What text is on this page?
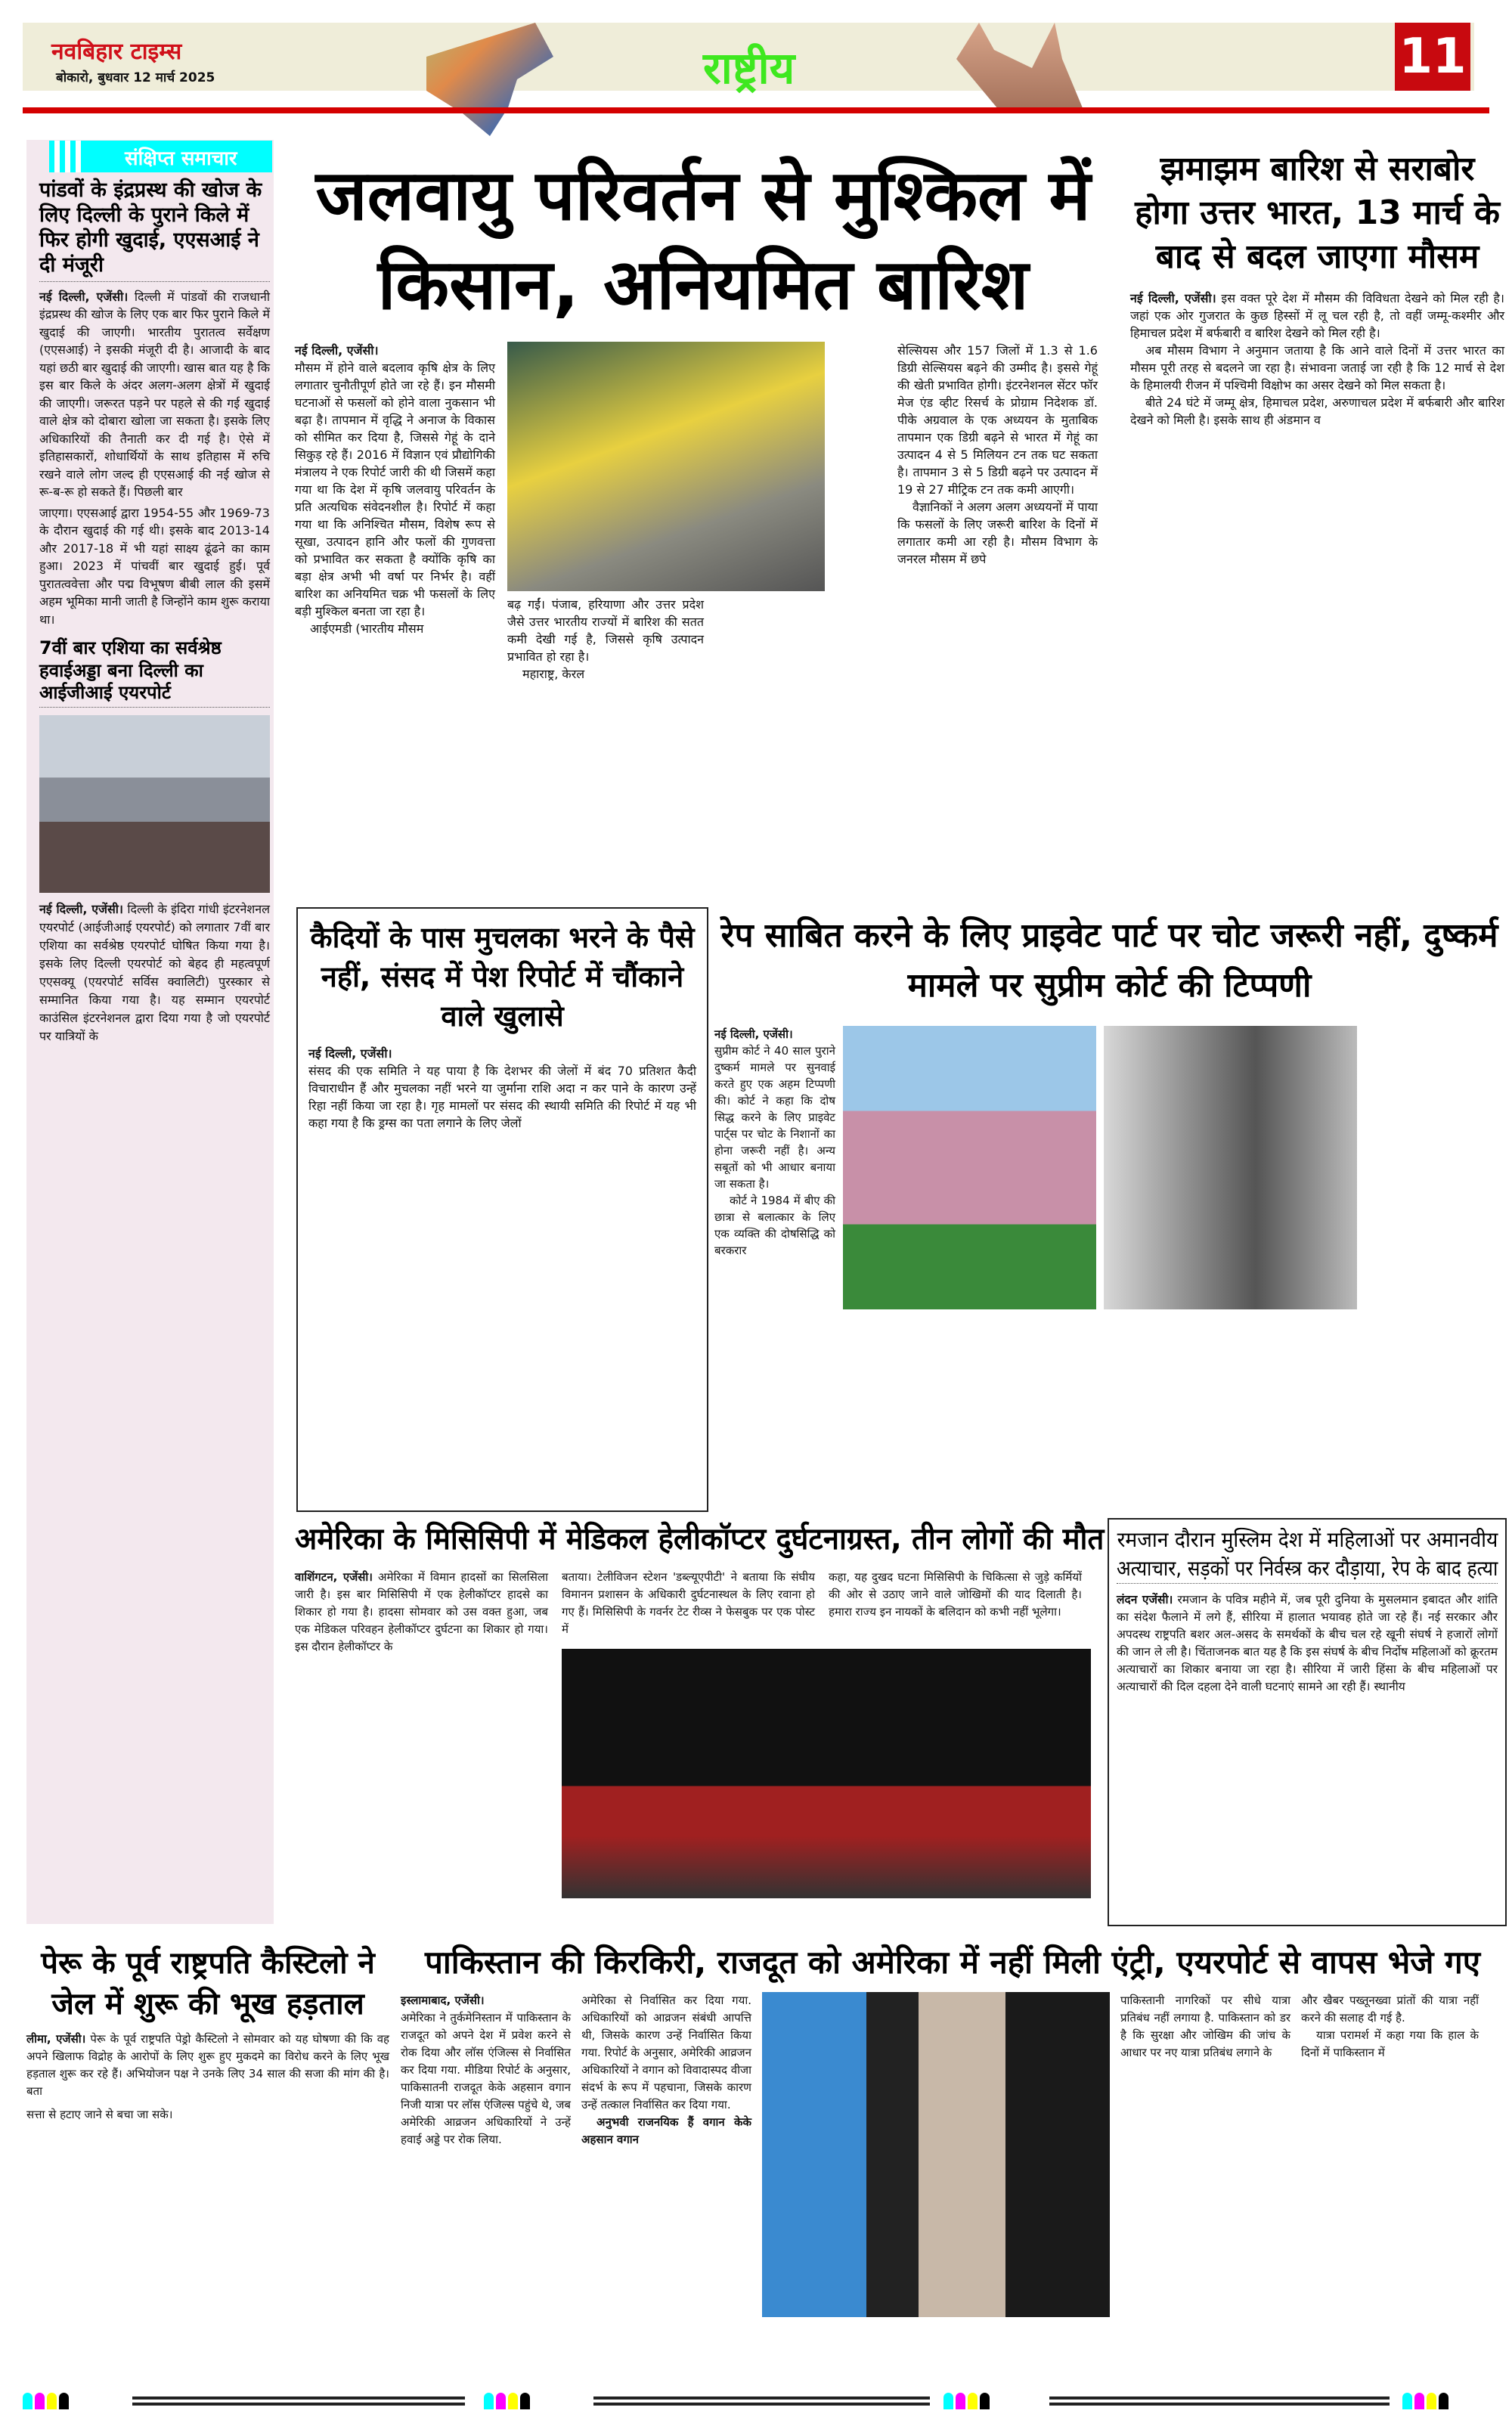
नवबिहार टाइम्स
बोकारो, बुधवार 12 मार्च 2025	राष्ट्रीय	11
संक्षिप्त समाचार
पांडवों के इंद्रप्रस्थ की खोज के लिए दिल्ली के पुराने किले में फिर होगी खुदाई, एएसआई ने दी मंजूरी

नई दिल्ली, एजेंसी। दिल्ली में पांडवों की राजधानी इंद्रप्रस्थ की खोज के लिए एक बार फिर पुराने किले में खुदाई की जाएगी। भारतीय पुरातत्व सर्वेक्षण (एएसआई) ने इसकी मंजूरी दी है। आजादी के बाद यहां छठी बार खुदाई की जाएगी। खास बात यह है कि इस बार किले के अंदर अलग-अलग क्षेत्रों में खुदाई की जाएगी। जरूरत पड़ने पर पहले से की गई खुदाई वाले क्षेत्र को दोबारा खोला जा सकता है। इसके लिए अधिकारियों की तैनाती कर दी गई है। ऐसे में इतिहासकारों, शोधार्थियों के साथ इतिहास में रुचि रखने वाले लोग जल्द ही एएसआई की नई खोज से रू-ब-रू हो सकते हैं। पिछली बार

जाएगा। एएसआई द्वारा 1954-55 और 1969-73 के दौरान खुदाई की गई थी। इसके बाद 2013-14 और 2017-18 में भी यहां साक्ष्य ढूंढने का काम हुआ। 2023 में पांचवीं बार खुदाई हुई। पूर्व पुरातत्ववेत्ता और पद्म विभूषण बीबी लाल की इसमें अहम भूमिका मानी जाती है जिन्होंने काम शुरू कराया था।

7वीं बार एशिया का सर्वश्रेष्ठ हवाईअड्डा बना दिल्ली का आईजीआई एयरपोर्ट

नई दिल्ली, एजेंसी। दिल्ली के इंदिरा गांधी इंटरनेशनल एयरपोर्ट (आईजीआई एयरपोर्ट) को लगातार 7वीं बार एशिया का सर्वश्रेष्ठ एयरपोर्ट घोषित किया गया है। इसके लिए दिल्ली एयरपोर्ट को बेहद ही महत्वपूर्ण एएसक्यू (एयरपोर्ट सर्विस क्वालिटी) पुरस्कार से सम्मानित किया गया है। यह सम्मान एयरपोर्ट काउंसिल इंटरनेशनल द्वारा दिया गया है जो एयरपोर्ट पर यात्रियों के

जलवायु परिवर्तन से मुश्किल में
किसान, अनियमित बारिश
नई दिल्ली, एजेंसी।

मौसम में होने वाले बदलाव कृषि क्षेत्र के लिए लगातार चुनौतीपूर्ण होते जा रहे हैं। इन मौसमी घटनाओं से फसलों को होने वाला नुकसान भी बढ़ा है। तापमान में वृद्धि ने अनाज के विकास को सीमित कर दिया है, जिससे गेहूं के दाने सिकुड़ रहे हैं। 2016 में विज्ञान एवं प्रौद्योगिकी मंत्रालय ने एक रिपोर्ट जारी की थी जिसमें कहा गया था कि देश में कृषि जलवायु परिवर्तन के प्रति अत्यधिक संवेदनशील है। रिपोर्ट में कहा गया था कि अनिश्चित मौसम, विशेष रूप से सूखा, उत्पादन हानि और फलों की गुणवत्ता को प्रभावित कर सकता है क्योंकि कृषि का बड़ा क्षेत्र अभी भी वर्षा पर निर्भर है। वहीं बारिश का अनियमित चक्र भी फसलों के लिए बड़ी मुश्किल बनता जा रहा है।

आईएमडी (भारतीय मौसम

बढ़ गईं। पंजाब, हरियाणा और उत्तर प्रदेश जैसे उत्तर भारतीय राज्यों में बारिश की सतत कमी देखी गई है, जिससे कृषि उत्पादन प्रभावित हो रहा है।

महाराष्ट्र, केरल

सेल्सियस और 157 जिलों में 1.3 से 1.6 डिग्री सेल्सियस बढ़ने की उम्मीद है। इससे गेहूं की खेती प्रभावित होगी। इंटरनेशनल सेंटर फॉर मेज एंड व्हीट रिसर्च के प्रोग्राम निदेशक डॉ. पीके अग्रवाल के एक अध्ययन के मुताबिक तापमान एक डिग्री बढ़ने से भारत में गेहूं का उत्पादन 4 से 5 मिलियन टन तक घट सकता है। तापमान 3 से 5 डिग्री बढ़ने पर उत्पादन में 19 से 27 मीट्रिक टन तक कमी आएगी।

वैज्ञानिकों ने अलग अलग अध्ययनों में पाया कि फसलों के लिए जरूरी बारिश के दिनों में लगातार कमी आ रही है। मौसम विभाग के जनरल मौसम में छपे

झमाझम बारिश से सराबोर होगा उत्तर भारत, 13 मार्च के बाद से बदल जाएगा मौसम

नई दिल्ली, एजेंसी। इस वक्त पूरे देश में मौसम की विविधता देखने को मिल रही है। जहां एक ओर गुजरात के कुछ हिस्सों में लू चल रही है, तो वहीं जम्मू-कश्मीर और हिमाचल प्रदेश में बर्फबारी व बारिश देखने को मिल रही है।

अब मौसम विभाग ने अनुमान जताया है कि आने वाले दिनों में उत्तर भारत का मौसम पूरी तरह से बदलने जा रहा है। संभावना जताई जा रही है कि 12 मार्च से देश के हिमालयी रीजन में पश्चिमी विक्षोभ का असर देखने को मिल सकता है।

बीते 24 घंटे में जम्मू क्षेत्र, हिमाचल प्रदेश, अरुणाचल प्रदेश में बर्फबारी और बारिश देखने को मिली है। इसके साथ ही अंडमान व

कैदियों के पास मुचलका भरने के पैसे नहीं, संसद में पेश रिपोर्ट में चौंकाने वाले खुलासे
नई दिल्ली, एजेंसी।

संसद की एक समिति ने यह पाया है कि देशभर की जेलों में बंद 70 प्रतिशत कैदी विचाराधीन हैं और मुचलका नहीं भरने या जुर्माना राशि अदा न कर पाने के कारण उन्हें रिहा नहीं किया जा रहा है। गृह मामलों पर संसद की स्थायी समिति की रिपोर्ट में यह भी कहा गया है कि ड्रग्स का पता लगाने के लिए जेलों

रेप साबित करने के लिए प्राइवेट पार्ट पर चोट जरूरी नहीं, दुष्कर्म मामले पर सुप्रीम कोर्ट की टिप्पणी
नई दिल्ली, एजेंसी।

सुप्रीम कोर्ट ने 40 साल पुराने दुष्कर्म मामले पर सुनवाई करते हुए एक अहम टिप्पणी की। कोर्ट ने कहा कि दोष सिद्ध करने के लिए प्राइवेट पार्ट्स पर चोट के निशानों का होना जरूरी नहीं है। अन्य सबूतों को भी आधार बनाया जा सकता है।

कोर्ट ने 1984 में बीए की छात्रा से बलात्कार के लिए एक व्यक्ति की दोषसिद्धि को बरकरार

अमेरिका के मिसिसिपी में मेडिकल हेलीकॉप्टर दुर्घटनाग्रस्त, तीन लोगों की मौत

वाशिंगटन, एजेंसी। अमेरिका में विमान हादसों का सिलसिला जारी है। इस बार मिसिसिपी में एक हेलीकॉप्टर हादसे का शिकार हो गया है। हादसा सोमवार को उस वक्त हुआ, जब एक मेडिकल परिवहन हेलीकॉप्टर दुर्घटना का शिकार हो गया। इस दौरान हेलीकॉप्टर के

बताया। टेलीविजन स्टेशन 'डब्ल्यूएपीटी' ने बताया कि संघीय विमानन प्रशासन के अधिकारी दुर्घटनास्थल के लिए रवाना हो गए हैं। मिसिसिपी के गवर्नर टेट रीव्स ने फेसबुक पर एक पोस्ट में

कहा, यह दुखद घटना मिसिसिपी के चिकित्सा से जुड़े कर्मियों की ओर से उठाए जाने वाले जोखिमों की याद दिलाती है। हमारा राज्य इन नायकों के बलिदान को कभी नहीं भूलेगा।

रमजान दौरान मुस्लिम देश में महिलाओं पर अमानवीय
अत्याचार, सड़कों पर निर्वस्त्र कर दौड़ाया, रेप के बाद हत्या

लंदन एजेंसी। रमजान के पवित्र महीने में, जब पूरी दुनिया के मुसलमान इबादत और शांति का संदेश फैलाने में लगे हैं, सीरिया में हालात भयावह होते जा रहे हैं। नई सरकार और अपदस्थ राष्ट्रपति बशर अल-असद के समर्थकों के बीच चल रहे खूनी संघर्ष ने हजारों लोगों की जान ले ली है। चिंताजनक बात यह है कि इस संघर्ष के बीच निर्दोष महिलाओं को क्रूरतम अत्याचारों का शिकार बनाया जा रहा है। सीरिया में जारी हिंसा के बीच महिलाओं पर अत्याचारों की दिल दहला देने वाली घटनाएं सामने आ रही हैं। स्थानीय

पेरू के पूर्व राष्ट्रपति कैस्टिलो ने जेल में शुरू की भूख हड़ताल

लीमा, एजेंसी। पेरू के पूर्व राष्ट्रपति पेड्रो कैस्टिलो ने सोमवार को यह घोषणा की कि वह अपने खिलाफ विद्रोह के आरोपों के लिए शुरू हुए मुकदमे का विरोध करने के लिए भूख हड़ताल शुरू कर रहे हैं। अभियोजन पक्ष ने उनके लिए 34 साल की सजा की मांग की है। बता

सत्ता से हटाए जाने से बचा जा सके।

पाकिस्तान की किरकिरी, राजदूत को अमेरिका में नहीं मिली एंट्री, एयरपोर्ट से वापस भेजे गए
इस्लामाबाद, एजेंसी।

अमेरिका ने तुर्कमेनिस्तान में पाकिस्तान के राजदूत को अपने देश में प्रवेश करने से रोक दिया और लॉस एंजिल्स से निर्वासित कर दिया गया. मीडिया रिपोर्ट के अनुसार, पाकिसातनी राजदूत केके अहसान वगान निजी यात्रा पर लॉस एंजिल्स पहुंचे थे, जब अमेरिकी आव्रजन अधिकारियों ने उन्हें हवाई अड्डे पर रोक लिया.

अमेरिका से निर्वासित कर दिया गया. अधिकारियों को आव्रजन संबंधी आपत्ति थी, जिसके कारण उन्हें निर्वासित किया गया. रिपोर्ट के अनुसार, अमेरिकी आव्रजन अधिकारियों ने वगान को विवादास्पद वीजा संदर्भ के रूप में पहचाना, जिसके कारण उन्हें तत्काल निर्वासित कर दिया गया.

अनुभवी राजनयिक हैं वगान केके अहसान वगान

पाकिस्तानी नागरिकों पर सीधे यात्रा प्रतिबंध नहीं लगाया है. पाकिस्तान को डर है कि सुरक्षा और जोखिम की जांच के आधार पर नए यात्रा प्रतिबंध लगाने के

और खैबर पख्तूनख्वा प्रांतों की यात्रा नहीं करने की सलाह दी गई है.

यात्रा परामर्श में कहा गया कि हाल के दिनों में पाकिस्तान में
